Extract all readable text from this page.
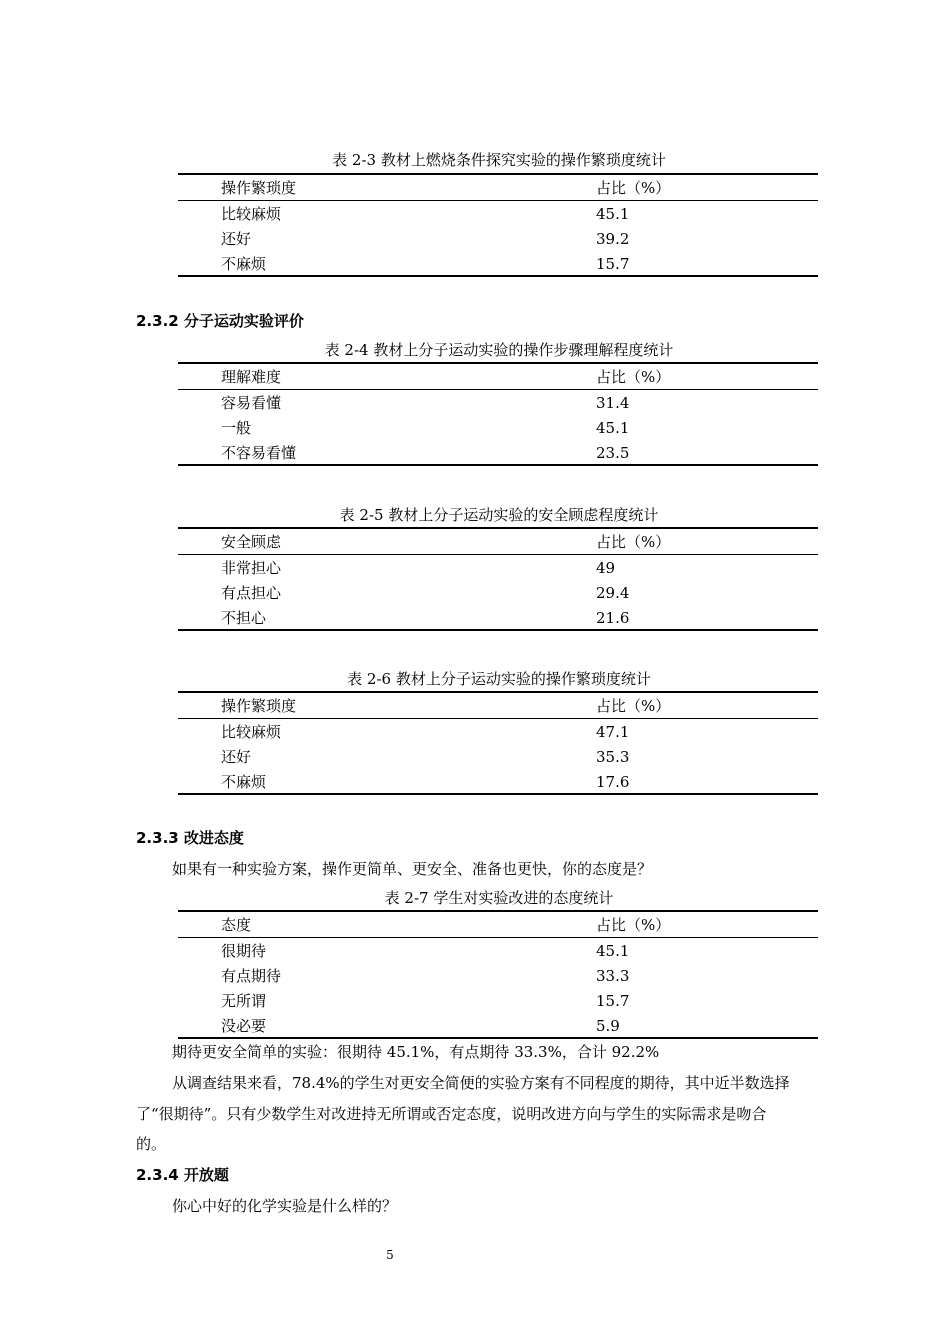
表 2-3 教材上燃烧条件探究实验的操作繁琐度统计
操作繁琐度	占比（%）
比较麻烦	45.1
还好	39.2
不麻烦	15.7
2.3.2 分子运动实验评价
表 2-4 教材上分子运动实验的操作步骤理解程度统计
理解难度	占比（%）
容易看懂	31.4
一般	45.1
不容易看懂	23.5
表 2-5 教材上分子运动实验的安全顾虑程度统计
安全顾虑	占比（%）
非常担心	49
有点担心	29.4
不担心	21.6
表 2-6 教材上分子运动实验的操作繁琐度统计
操作繁琐度	占比（%）
比较麻烦	47.1
还好	35.3
不麻烦	17.6
2.3.3 改进态度
如果有一种实验方案，操作更简单、更安全、准备也更快，你的态度是？
表 2-7 学生对实验改进的态度统计
态度	占比（%）
很期待	45.1
有点期待	33.3
无所谓	15.7
没必要	5.9
期待更安全简单的实验：很期待 45.1%，有点期待 33.3%，合计 92.2%
从调查结果来看，78.4%的学生对更安全简便的实验方案有不同程度的期待，其中近半数选择
了“很期待”。只有少数学生对改进持无所谓或否定态度，说明改进方向与学生的实际需求是吻合
的。
2.3.4 开放题
你心中好的化学实验是什么样的？
5
